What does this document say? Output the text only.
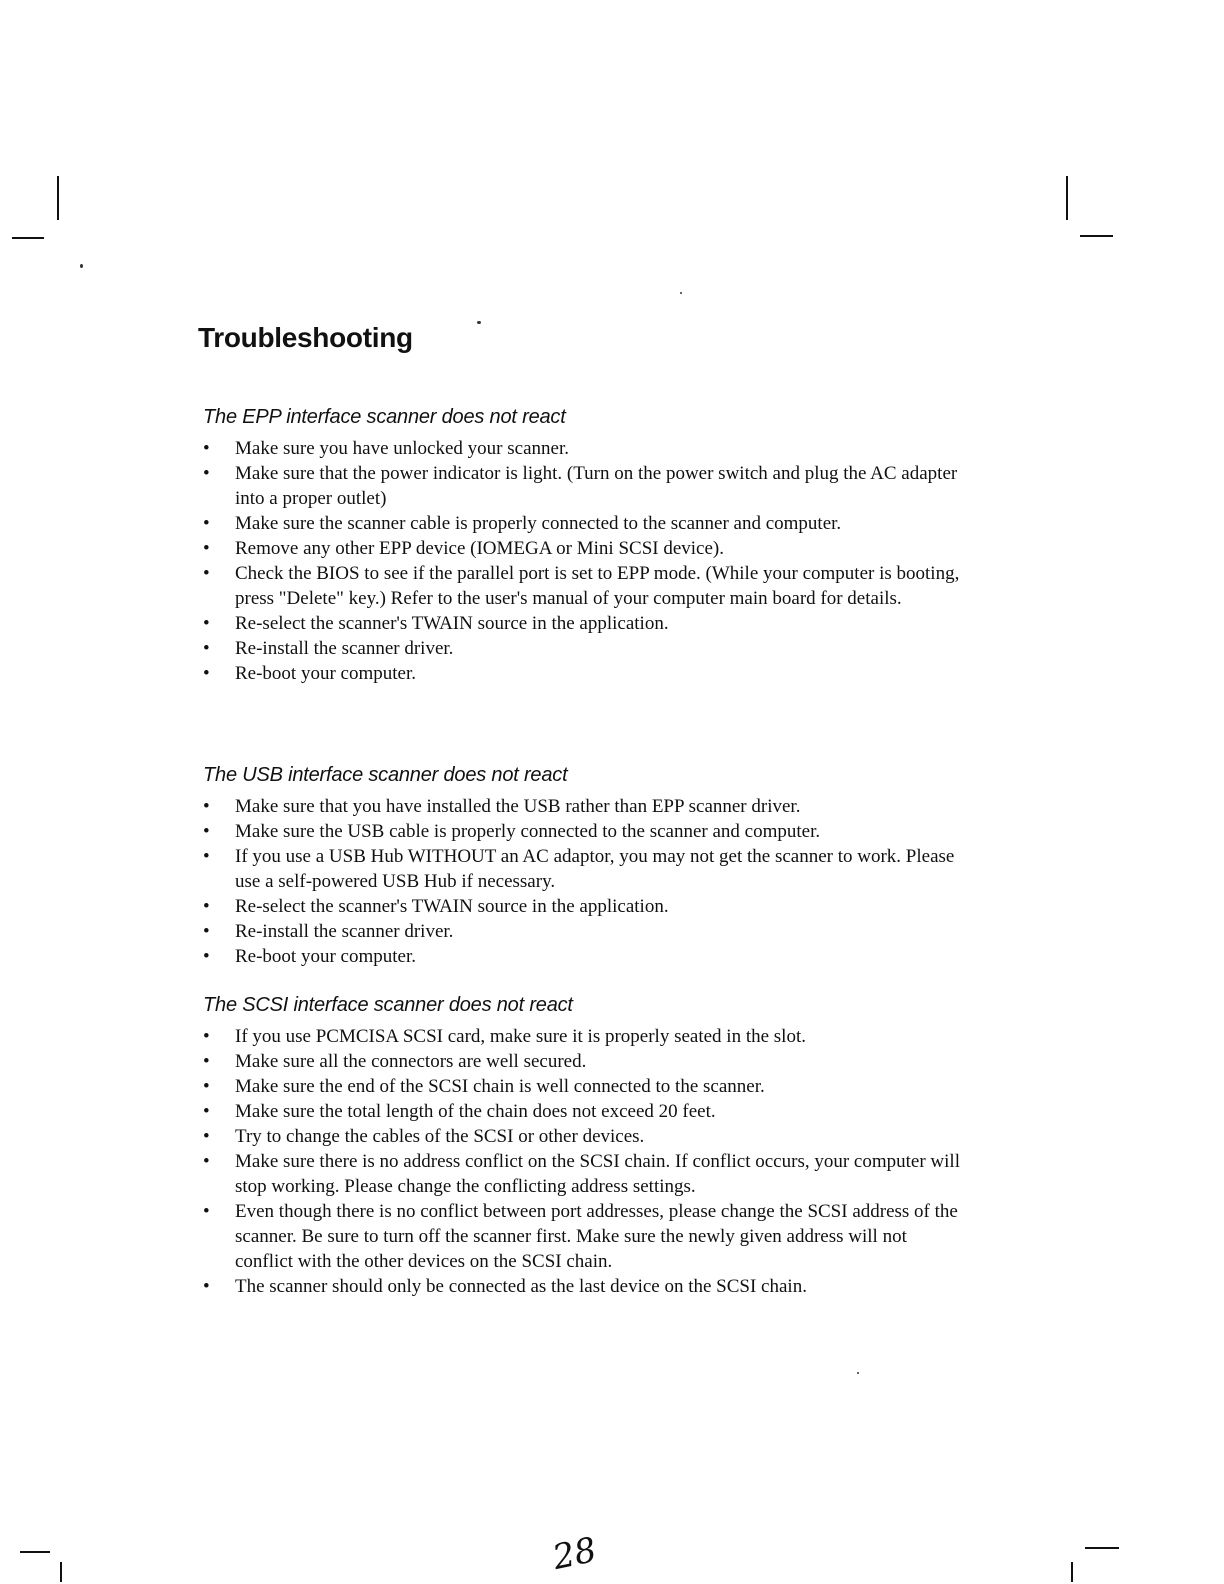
Troubleshooting
The EPP interface scanner does not react
• Make sure you have unlocked your scanner.
• Make sure that the power indicator is light. (Turn on the power switch and plug the AC adapter into a proper outlet)
• Make sure the scanner cable is properly connected to the scanner and computer.
• Remove any other EPP device (IOMEGA or Mini SCSI device).
• Check the BIOS to see if the parallel port is set to EPP mode. (While your computer is booting, press "Delete" key.) Refer to the user's manual of your computer main board for details.
• Re-select the scanner's TWAIN source in the application.
• Re-install the scanner driver.
• Re-boot your computer.
The USB interface scanner does not react
• Make sure that you have installed the USB rather than EPP scanner driver.
• Make sure the USB cable is properly connected to the scanner and computer.
• If you use a USB Hub WITHOUT an AC adaptor, you may not get the scanner to work. Please use a self-powered USB Hub if necessary.
• Re-select the scanner's TWAIN source in the application.
• Re-install the scanner driver.
• Re-boot your computer.
The SCSI interface scanner does not react
• If you use PCMCISA SCSI card, make sure it is properly seated in the slot.
• Make sure all the connectors are well secured.
• Make sure the end of the SCSI chain is well connected to the scanner.
• Make sure the total length of the chain does not exceed 20 feet.
• Try to change the cables of the SCSI or other devices.
• Make sure there is no address conflict on the SCSI chain. If conflict occurs, your computer will stop working. Please change the conflicting address settings.
• Even though there is no conflict between port addresses, please change the SCSI address of the scanner. Be sure to turn off the scanner first. Make sure the newly given address will not conflict with the other devices on the SCSI chain.
• The scanner should only be connected as the last device on the SCSI chain.
28
